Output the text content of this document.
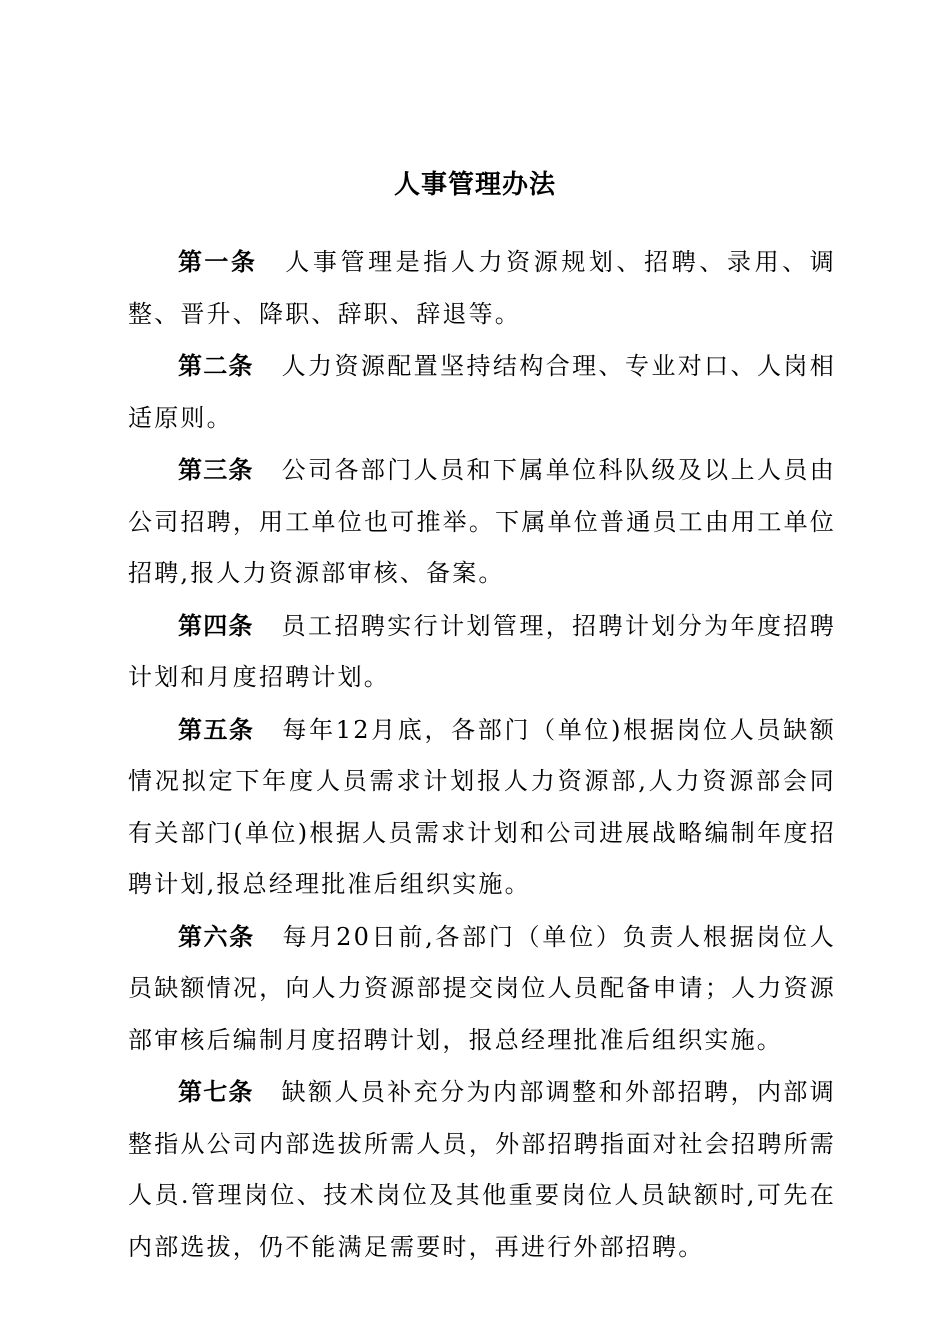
人事管理办法

第一条 人事管理是指人力资源规划、招聘、录用、调整、晋升、降职、辞职、辞退等。

第二条 人力资源配置坚持结构合理、专业对口、人岗相适原则。

第三条 公司各部门人员和下属单位科队级及以上人员由公司招聘，用工单位也可推举。下属单位普通员工由用工单位招聘,报人力资源部审核、备案。

第四条 员工招聘实行计划管理，招聘计划分为年度招聘计划和月度招聘计划。

第五条 每年12月底，各部门（单位)根据岗位人员缺额情况拟定下年度人员需求计划报人力资源部,人力资源部会同有关部门(单位)根据人员需求计划和公司进展战略编制年度招聘计划,报总经理批准后组织实施。

第六条 每月20日前,各部门（单位）负责人根据岗位人员缺额情况，向人力资源部提交岗位人员配备申请；人力资源部审核后编制月度招聘计划，报总经理批准后组织实施。

第七条 缺额人员补充分为内部调整和外部招聘，内部调整指从公司内部选拔所需人员，外部招聘指面对社会招聘所需人员.管理岗位、技术岗位及其他重要岗位人员缺额时,可先在内部选拔，仍不能满足需要时，再进行外部招聘。
